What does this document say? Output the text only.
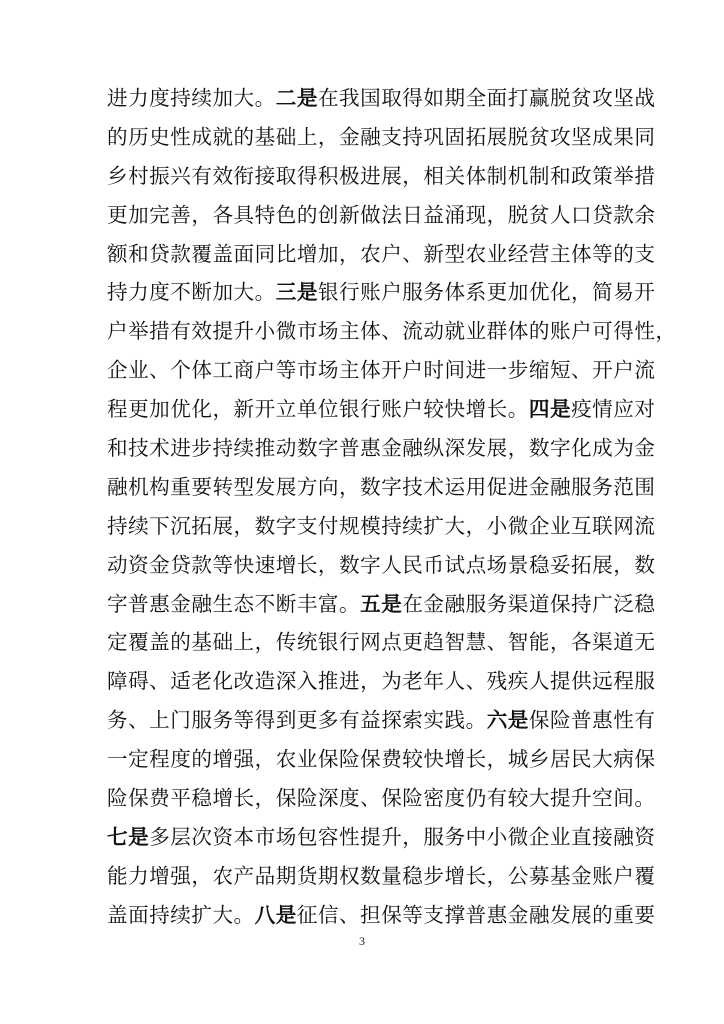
进力度持续加大。二是在我国取得如期全面打赢脱贫攻坚战
的历史性成就的基础上，金融支持巩固拓展脱贫攻坚成果同
乡村振兴有效衔接取得积极进展，相关体制机制和政策举措
更加完善，各具特色的创新做法日益涌现，脱贫人口贷款余
额和贷款覆盖面同比增加，农户、新型农业经营主体等的支
持力度不断加大。三是银行账户服务体系更加优化，简易开
户举措有效提升小微市场主体、流动就业群体的账户可得性，
企业、个体工商户等市场主体开户时间进一步缩短、开户流
程更加优化，新开立单位银行账户较快增长。四是疫情应对
和技术进步持续推动数字普惠金融纵深发展，数字化成为金
融机构重要转型发展方向，数字技术运用促进金融服务范围
持续下沉拓展，数字支付规模持续扩大，小微企业互联网流
动资金贷款等快速增长，数字人民币试点场景稳妥拓展，数
字普惠金融生态不断丰富。五是在金融服务渠道保持广泛稳
定覆盖的基础上，传统银行网点更趋智慧、智能，各渠道无
障碍、适老化改造深入推进，为老年人、残疾人提供远程服
务、上门服务等得到更多有益探索实践。六是保险普惠性有
一定程度的增强，农业保险保费较快增长，城乡居民大病保
险保费平稳增长，保险深度、保险密度仍有较大提升空间。
七是多层次资本市场包容性提升，服务中小微企业直接融资
能力增强，农产品期货期权数量稳步增长，公募基金账户覆
盖面持续扩大。八是征信、担保等支撑普惠金融发展的重要
3
